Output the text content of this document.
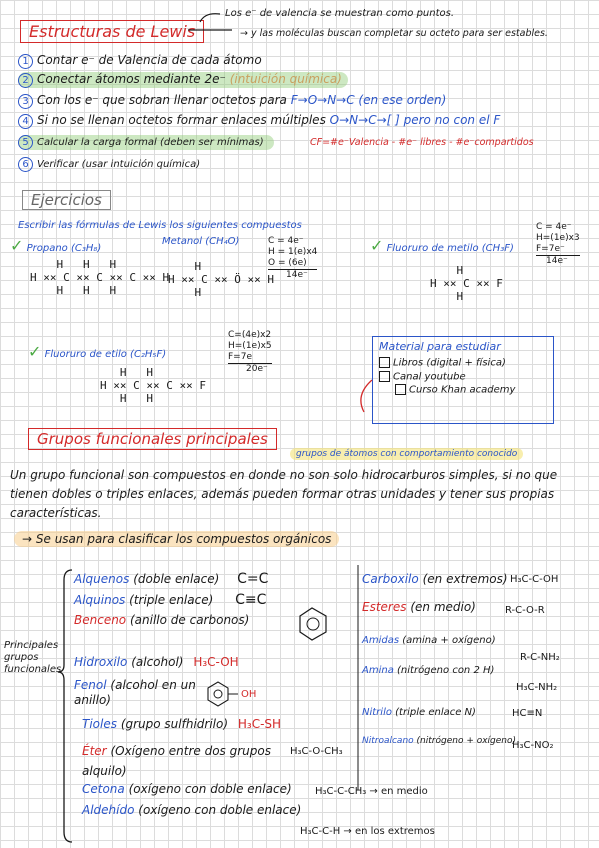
Estructuras de Lewis
Los e⁻ de valencia se muestran como puntos.
→ y las moléculas buscan completar su octeto para ser estables.
1 Contar e⁻ de Valencia de cada átomo
2 Conectar átomos mediante 2e⁻ (intuición química)
3 Con los e⁻ que sobran llenar octetos para F→O→N→C (en ese orden)
4 Si no se llenan octetos formar enlaces múltiples O→N→C→[ ] pero no con el F
5 Calcular la carga formal (deben ser mínimas)	CF=#e⁻Valencia - #e⁻ libres - #e⁻compartidos
6 Verificar (usar intuición química)
Ejercicios
Escribir las fórmulas de Lewis los siguientes compuestos
✓ Propano (C₃H₈)
H   H   H
H ×× C ×× C ×× C ×× H
H   H   H
Metanol (CH₄O)
H
H ×× C ×× Ö ×× H
H
C = 4e⁻
H = 1(e)x4
O = (6e)
14e⁻
✓ Fluoruro de metilo (CH₃F)
C = 4e⁻
H=(1e)x3
F=7e⁻
14e⁻
H
H ×× C ×× F
H
✓ Fluoruro de etilo (C₂H₅F)
C=(4e)x2
H=(1e)x5
F=7e
20e⁻
H   H
H ×× C ×× C ×× F
H   H
Material para estudiar
Libros (digital + física)
Canal youtube
Curso Khan academy
Grupos funcionales principales
grupos de átomos con comportamiento conocido
Un grupo funcional son compuestos en donde no son solo hidrocarburos simples, si no que tienen dobles o triples enlaces, además pueden formar otras unidades y tener sus propias características.
→ Se usan para clasificar los compuestos orgánicos
Principales grupos funcionales
Alquenos (doble enlace) C=C
Alquinos (triple enlace) C≡C
Benceno (anillo de carbonos)
Hidroxilo (alcohol) H₃C-OH
Fenol (alcohol en un anillo)	OH
Tioles (grupo sulfhidrilo) H₃C-SH
Éter (Oxígeno entre dos grupos alquilo)
H₃C-O-CH₃
Cetona (oxígeno con doble enlace) H₃C-C-CH₃ → en medio
Aldehído (oxígeno con doble enlace)
H₃C-C-H → en los extremos
Carboxilo (en extremos) H₃C-C-OH
Esteres (en medio)	R-C-O-R
Amidas (amina + oxígeno)
R-C-NH₂
Amina (nitrógeno con 2 H)
H₃C-NH₂
Nitrilo (triple enlace N)	HC≡N
Nitroalcano (nitrógeno + oxígeno)
H₃C-NO₂
